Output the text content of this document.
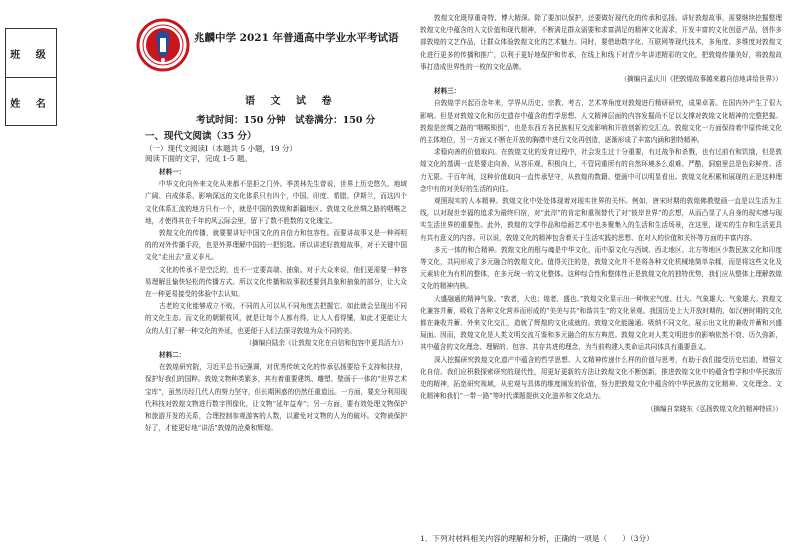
班 级
姓 名
兆麟中学 2021 年普通高中学业水平考试语
语 文 试 卷
考试时间：150 分钟　试卷满分：150 分
一、现代文阅读（35 分）
（一）现代文阅读Ⅰ（本题共 5 小题，19 分）
阅读下面的文字，完成 1-5 题。

材料一：

中华文化向外来文化从来都不是拒之门外。季羡林先生曾说，世界上历史悠久、地域广阔、自成体系、影响深远的文化体系只有四个，中国、印度、希腊、伊斯兰，而这四个文化体系汇流的地方只有一个，就是中国的敦煌和新疆地区。敦煌文化丝绸之路的咽喉之地，才使得其在千年的风云际会里，留下了数不胜数的文化瑰宝。

敦煌文化的传播，就要要讲好中国文化的自信力和包容性。而要讲故事又是一种再明的的对外传播手段，也是外界理解中国的一把钥匙。所以讲述好敦煌故事，对于关键中国文化“走出去”意义非凡。

文化的传承不是空泛的，也不一定要高端、抽象。对于大众来说，他们更需要一种容易理解且愉快轻松的传播方式。所以文化传播和故事叙述要到具象和抽象的部分，让大众在一种更易接受的体验中去认知。

古老的文化能够成立不败，不同的人可以从不同角度去把握它，如此就会呈现出不同的文化生态。而文化的朝繁枝风，就是让每个人都有得，让人人看得懂，如此才更能让大众的人们了解一种文化的外延，也更便于人们去探寻敦煌为众不同的美。

（摘编自陆余《让敦煌文化在自信和包容中更具活力》）

材料二：

在敦煌研究院，习近平总书记强调，对优秀传统文化的传承弘扬要给予支持和扶持，保护好我们的国粹。敦煌文物种类繁多，其有着重要建筑、雕塑、壁画于一体的“世界艺术宝库”，虽然历经几代人的努力坚守，但长期困惑的仍然任重道远。一方面，要充分利用现代科技对敦煌文物进行数字图像化，让文物“延年益寿”；另一方面，要有效处理文物保护和旅游开发的关系，合理控制参观游客的人数，以避免对文物的人为的破坏。文物被保护好了，才能更好地“讲活”敦煌的沧桑和辉煌。

敦煌文化既厚重奇特、博大精深。除了要加以保护，还要做好现代化的传承和弘扬。讲好敦煌故事，需要继续挖掘整理敦煌文化中蕴含的人文价值和现代精神，不断满足群众需要和求富满足的精神文化需求，开发丰富的文化创意产品，创作多部敦煌的文艺作品，让群众体验敦煌文化的艺术魅力。同时，要借助数字化、互联网等现代技术，多角度、多维度对敦煌文化进行更多的传播和推广，以利于更好地保护和传承，在线上和线下对青少年讲述精彩的文化，把敦煌传播美好，将敦煌故事打造成世界性的一枚的文化品牌。

（摘编自孟庆川《把敦煌故事越来越自信地讲给世界》）

材料三：

自敦煌学兴起百余年来，学界从历史、宗教、考古、艺术等角度对敦煌进行精研研究，成果卓著。在国内外产生了很大影响。但是对敦煌文化和历史遗存中蕴含的哲学思想、人文精神层面的内容发掘尚不足以支撑对敦煌文化精神的完整把握。敦煌是丝绸之路的“咽喉锁钥”，也是东西方各民族相互交流影响和开放创新的交汇点。敦煌文化一方面保持着中原传统文化的主体地位，另一方面又不断在开放的胸襟中进行文化再创造，逐渐形成了丰富内涵和独特精神。

求稳向善的价值取向。在敦煌文化的发育过程中，社会发生过十分重要，有过战争和杀戮，也有过前有和饥饿，但是敦煌文化的基调一直是要走向善、从容乐观、积极向上，不管同重所有的自然环境多么艰难、严酷，洞窟里总是色彩鲜亮、活力无限。千百年间，这种价值取向一直传承坚守，从敦煌的数籍、壁画中可以明显看出。敦煌文化积累和展现的正是这种理念中有的对美好的生活的向往。

观照现实的人本精神。敦煌文化中处处体现着对现实世界的关怀。例如，唐宋时期的敦煌佛教壁画一直是以生活为主线，以对现世幸福的追求为最终归宿，对“此岸”的肯定和重视替代了对“彼岸世界”的玄想，从而凸显了人自身的现实感与现实生活世界的重要性。此外，敦煌的文学作品和绘画艺术中也多聚集入的生活和生活场景，在这里，现实的生存和生活更具有共有意义的内容。可以说，敦煌文化的精神包含着关于生活实践的思想、在对人的价值和关怀等方面的丰富内容。

多元一体的和合精神。敦煌文化的根与魂是中华文化，而中原文化与西域、西北地区、北方等地区少数民族文化和印度等文化，共同形成了多元融合的敦煌文化。值得关注的是，敦煌文化并不是将各种文化机械地简单杂糅，而是将这些文化及元素转化为有机的整体，在多元统一的文化整体。这种综合性和整体性正是敦煌文化的独特优势，我们应从整体上理解敦煌文化的精神内核。

大盛融通的精神气象。“敦者，大也；煌者，盛也。”敦煌文化显示出一种恢宏气度、壮大、气象雄大、气象雄大。敦煌文化兼容并蓄，吸收了各种文化营养而形成的“美美与共”和谐共生”的文化景观。我国历史上大开放时期的，如汉唐时期的文化都在兼收并蓄、外来文化交汇，造就了辉煌的文化成就的。敦煌文化能融通、吸纳不同文化，展示出文化的兼收并蓄和兴盛局面。因而，敦煌文化是人类文明交流互鉴和多元融合的东方典范。敦煌文化对人类文明进步的影响依然不衰、历久弥新，其中蕴含的文化理念、理解的、包容、共存共进的理念，为当前构建人类命运共同体具有重要意义。

深入挖掘研究敦煌文化遗产中蕴含的哲学思想、人文精神传递什么样的价值与思考，有助于我们接受历史启迪，增强文化自信。我们应积极探索研究的现代性，用更好更新的方法让敦煌文化不断创新，推进敦煌文化中的蕴含哲学和中华民族历史的精神，拓宽研究视域，从宏观与具体的维度阐发的价值，努力把敦煌文化中蕴含的中华民族的文化精神、文化理念、文化精神和我们“一带一路”等时代课题提供文化滋养和文化动力。

（摘编自栾晓东《弘扬敦煌文化的精神特质》）

1．下列对材料相关内容的理解和分析，正确的一项是（　　）（3分）
